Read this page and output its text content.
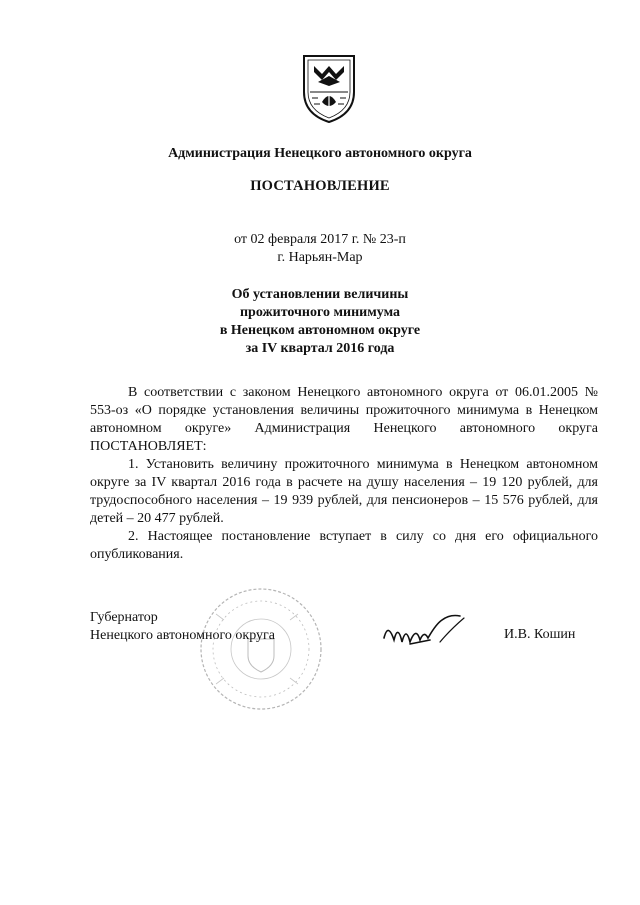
Администрация Ненецкого автономного округа
ПОСТАНОВЛЕНИЕ
от 02 февраля 2017 г. № 23-п
г. Нарьян-Мар
Об установлении величины
прожиточного минимума
в Ненецком автономном округе
за IV квартал 2016 года

В соответствии с законом Ненецкого автономного округа от 06.01.2005 № 553-оз «О порядке установления величины прожиточного минимума в Ненецком автономном округе» Администрация Ненецкого автономного округа ПОСТАНОВЛЯЕТ:

1. Установить величину прожиточного минимума в Ненецком автономном округе за IV квартал 2016 года в расчете на душу населения – 19 120 рублей, для трудоспособного населения – 19 939 рублей, для пенсионеров – 15 576 рублей, для детей – 20 477 рублей.

2. Настоящее постановление вступает в силу со дня его официального опубликования.

Губернатор
Ненецкого автономного округа	И.В. Кошин
